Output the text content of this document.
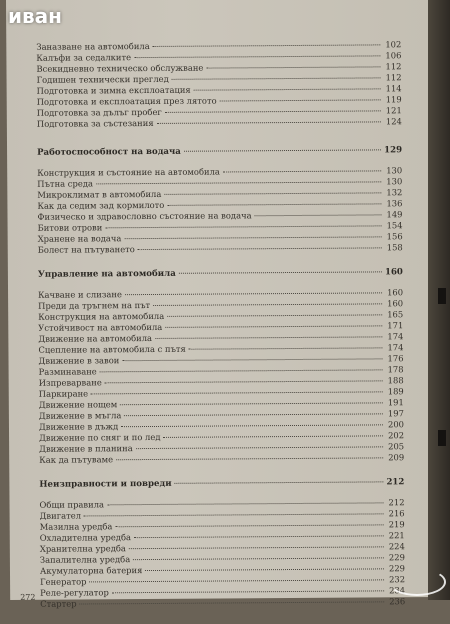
иван
Заназване на автомобила	102
Калъфи за седалките	106
Всекидневно техническо обслужване	112
Годишен технически преглед	112
Подготовка и зимна експлоатация	114
Подготовка и експлоатация през лятото	119
Подготовка за дълъг пробег	121
Подготовка за състезания	124
Работоспособност на водача	129
Конструкция и състояние на автомобила	130
Пътна среда	130
Микроклимат в автомобила	132
Как да седим зад кормилото	136
Физическо и здравословно състояние на водача	149
Битови отрови	154
Хранене на водача	156
Болест на пътуването	158
Управление на автомобила	160
Качване и слизане	160
Преди да тръгнем на път	160
Конструкция на автомобила	165
Устойчивост на автомобила	171
Движение на автомобила	174
Сцепление на автомобила с пътя	174
Движение в завои	176
Разминаване	178
Изпреварване	188
Паркиране	189
Движение нощем	191
Движение в мъгла	197
Движение в дъжд	200
Движение по сняг и по лед	202
Движение в планина	205
Как да пътуваме	209
Неизправности и повреди	212
Общи правила	212
Двигател	216
Мазилна уредба	219
Охладителна уредба	221
Хранителна уредба	224
Запалителна уредба	229
Акумулаторна батерия	229
Генератор	232
Реле-регулатор	234
Стартер	236
272
